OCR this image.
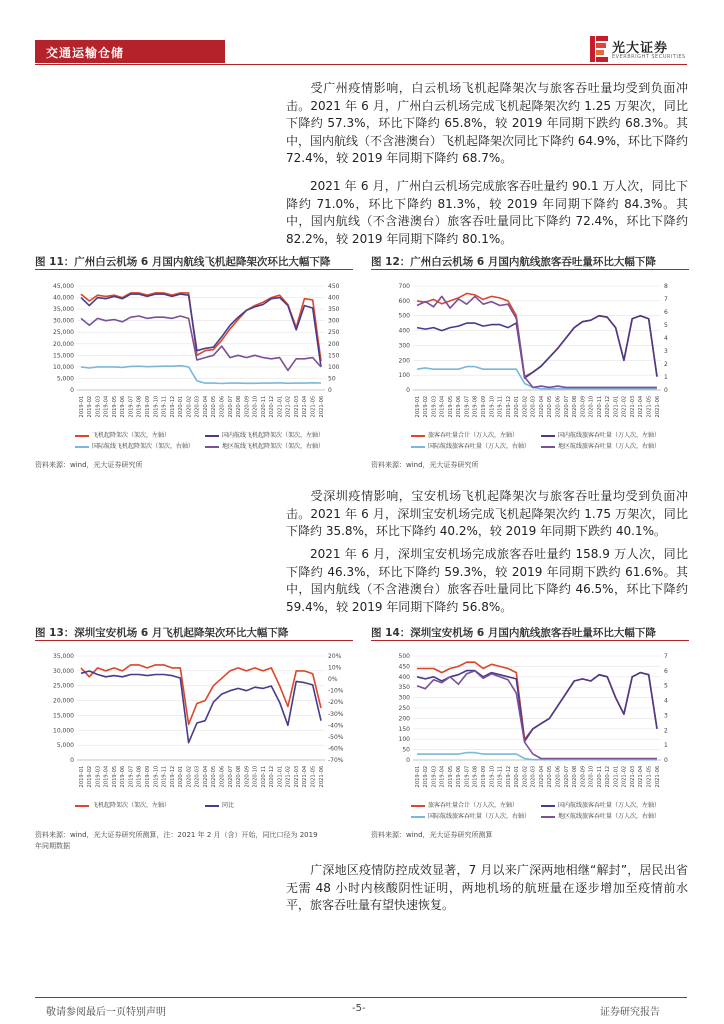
交通运输仓储	光大证券
EVERBRIGHT SECURITIES

受广州疫情影响，白云机场飞机起降架次与旅客吞吐量均受到负面冲击。2021 年 6 月，广州白云机场完成飞机起降架次约 1.25 万架次，同比下降约 57.3%，环比下降约 65.8%，较 2019 年同期下跌约 68.3%。其中，国内航线（不含港澳台）飞机起降架次同比下降约 64.9%，环比下降约 72.4%，较 2019 年同期下降约 68.7%。

2021 年 6 月，广州白云机场完成旅客吞吐量约 90.1 万人次，同比下降约 71.0%，环比下降约 81.3%，较 2019 年同期下降约 84.3%。其中，国内航线（不含港澳台）旅客吞吐量同比下降约 72.4%，环比下降约 82.2%，较 2019 年同期下降约 80.1%。

受深圳疫情影响，宝安机场飞机起降架次与旅客吞吐量均受到负面冲击。2021 年 6 月，深圳宝安机场完成飞机起降架次约 1.75 万架次，同比下降约 35.8%，环比下降约 40.2%，较 2019 年同期下跌约 40.1%。

2021 年 6 月，深圳宝安机场完成旅客吞吐量约 158.9 万人次，同比下降约 46.3%，环比下降约 59.3%，较 2019 年同期下跌约 61.6%。其中，国内航线（不含港澳台）旅客吞吐量同比下降约 46.5%，环比下降约 59.4%，较 2019 年同期下降约 56.8%。

广深地区疫情防控成效显著，7 月以来广深两地相继“解封”，居民出省无需 48 小时内核酸阴性证明，两地机场的航班量在逐步增加至疫情前水平，旅客吞吐量有望快速恢复。

图 11：广州白云机场 6 月国内航线飞机起降架次环比大幅下降
0
5,000
10,000
15,000
20,000
25,000
30,000
35,000
40,000
45,000
0
50
100
150
200
250
300
350
400
450
2019-01 2019-02 2019-03 2019-04 2019-05 2019-06 2019-07 2019-08 2019-09 2019-10 2019-11 2019-12 2020-01 2020-02 2020-03 2020-04 2020-05 2020-06 2020-07 2020-08 2020-09 2020-10 2020-11 2020-12 2021-01 2021-02 2021-03 2021-04 2021-05 2021-06
飞机起降架次（架次，左轴）	国内航线飞机起降架次（架次，左轴）
国际航线飞机起降架次（架次，右轴）	地区航线飞机起降架次（架次，右轴）
资料来源：wind，光大证券研究所
图 12：广州白云机场 6 月国内航线旅客吞吐量环比大幅下降
0
100
200
300
400
500
600
700
0
1
2
3
4
5
6
7
8
2019-01 2019-02 2019-03 2019-04 2019-05 2019-06 2019-07 2019-08 2019-09 2019-10 2019-11 2019-12 2020-01 2020-02 2020-03 2020-04 2020-05 2020-06 2020-07 2020-08 2020-09 2020-10 2020-11 2020-12 2021-01 2021-02 2021-03 2021-04 2021-05 2021-06
旅客吞吐量合计（万人次，左轴）	国内航线旅客吞吐量（万人次，左轴）
国际航线旅客吞吐量（万人次，右轴）	地区航线旅客吞吐量（万人次，右轴）
资料来源：wind，光大证券研究所
图 13：深圳宝安机场 6 月飞机起降架次环比大幅下降
0
5,000
10,000
15,000
20,000
25,000
30,000
35,000
-70%
-60%
-50%
-40%
-30%
-20%
-10%
0%
10%
20%
2019-01 2019-02 2019-03 2019-04 2019-05 2019-06 2019-07 2019-08 2019-09 2019-10 2019-11 2019-12 2020-01 2020-02 2020-03 2020-04 2020-05 2020-06 2020-07 2020-08 2020-09 2020-10 2020-11 2020-12 2021-01 2021-02 2021-03 2021-04 2021-05 2021-06
飞机起降架次（架次，左轴）	同比
资料来源：wind，光大证券研究所测算，注：2021 年 2 月（含）开始，同比口径为 2019
年同期数据
图 14：深圳宝安机场 6 月国内航线旅客吞吐量环比大幅下降
0
50
100
150
200
250
300
350
400
450
500
0
1
2
3
4
5
6
7
2019-01 2019-02 2019-03 2019-04 2019-05 2019-06 2019-07 2019-08 2019-09 2019-10 2019-11 2019-12 2020-01 2020-02 2020-03 2020-04 2020-05 2020-06 2020-07 2020-08 2020-09 2020-10 2020-11 2020-12 2021-01 2021-02 2021-03 2021-04 2021-05 2021-06
旅客吞吐量合计（万人次，左轴）	国内航线旅客吞吐量（万人次，左轴）
国际航线旅客吞吐量（万人次，右轴）	地区航线旅客吞吐量（万人次，右轴）
资料来源：wind，光大证券研究所测算
敬请参阅最后一页特别声明	-5-	证券研究报告
